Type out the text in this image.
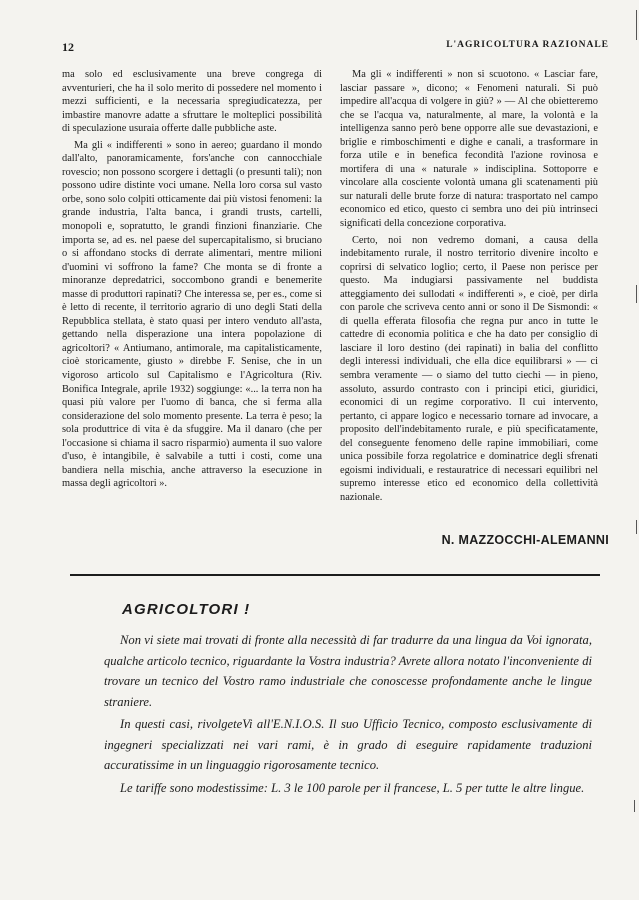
12	L'AGRICOLTURA RAZIONALE

ma solo ed esclusivamente una breve congrega di avventurieri, che ha il solo merito di possedere nel momento i mezzi sufficienti, e la necessaria spregiudicatezza, per imbastire manovre adatte a sfruttare le molteplici possibilità di speculazione usuraia offerte dalle pubbliche aste.

Ma gli « indifferenti » sono in aereo; guardano il mondo dall'alto, panoramicamente, fors'anche con cannocchiale rovescio; non possono scorgere i dettagli (o presunti tali); non possono udire distinte voci umane. Nella loro corsa sul vasto orbe, sono solo colpiti otticamente dai più vistosi fenomeni: la grande industria, l'alta banca, i grandi trusts, cartelli, monopoli e, sopratutto, le grandi finzioni finanziarie. Che importa se, ad es. nel paese del supercapitalismo, si bruciano o si affondano stocks di derrate alimentari, mentre milioni d'uomini vi soffrono la fame? Che monta se di fronte a minoranze depredatrici, soccombono grandi e benemerite masse di produttori rapinati? Che interessa se, per es., come si è letto di recente, il territorio agrario di uno degli Stati della Repubblica stellata, è stato quasi per intero venduto all'asta, gettando nella disperazione una intera popolazione di agricoltori? « Antiumano, antimorale, ma capitalisticamente, cioè storicamente, giusto » direbbe F. Senise, che in un vigoroso articolo sul Capitalismo e l'Agricoltura (Riv. Bonifica Integrale, aprile 1932) soggiunge: «... la terra non ha quasi più valore per l'uomo di banca, che si ferma alla considerazione del solo momento presente. La terra è peso; la sola produttrice di vita è da sfuggire. Ma il danaro (che per l'occasione si chiama il sacro risparmio) aumenta il suo valore d'uso, è intangibile, è salvabile a tutti i costi, come una bandiera nella mischia, anche attraverso la esecuzione in massa degli agricoltori ».

Ma gli « indifferenti » non si scuotono. « Lasciar fare, lasciar passare », dicono; « Fenomeni naturali. Si può impedire all'acqua di volgere in giù? » — Al che obietteremo che se l'acqua va, naturalmente, al mare, la volontà e la intelligenza sanno però bene opporre alle sue devastazioni, e briglie e rimboschimenti e dighe e canali, a trasformare in forza utile e in benefica fecondità l'azione rovinosa e mortifera di una « naturale » indisciplina. Sottoporre e vincolare alla cosciente volontà umana gli scatenamenti più sur naturali delle brute forze di natura: trasportato nel campo economico ed etico, questo ci sembra uno dei più intrinseci significati della concezione corporativa.

Certo, noi non vedremo domani, a causa della indebitamento rurale, il nostro territorio divenire incolto e coprirsi di selvatico loglio; certo, il Paese non perisce per questo. Ma indugiarsi passivamente nel buddista atteggiamento dei sullodati « indifferenti », e cioè, per dirla con parole che scriveva cento anni or sono il De Sismondi: « di quella efferata filosofia che regna pur anco in tutte le cattedre di economia politica e che ha dato per consiglio di lasciare il loro destino (dei rapinati) in balia del conflitto degli interessi individuali, che ella dice equilibrarsi » — ci sembra veramente — o siamo del tutto ciechi — in pieno, assoluto, assurdo contrasto con i principi etici, giuridici, economici di un regime corporativo. Il cui intervento, pertanto, ci appare logico e necessario tornare ad invocare, a proposito dell'indebitamento rurale, e più specificatamente, del conseguente fenomeno delle rapine immobiliari, come unica possibile forza regolatrice e dominatrice degli sfrenati egoismi individuali, e restauratrice di necessari equilibri nel supremo interesse etico ed economico della collettività nazionale.

N. MAZZOCCHI-ALEMANNI
AGRICOLTORI !

Non vi siete mai trovati di fronte alla necessità di far tradurre da una lingua da Voi ignorata, qualche articolo tecnico, riguardante la Vostra industria? Avrete allora notato l'inconveniente di trovare un tecnico del Vostro ramo industriale che conoscesse profondamente anche le lingue straniere.

In questi casi, rivolgeteVi all'E.N.I.O.S. Il suo Ufficio Tecnico, composto esclusivamente di ingegneri specializzati nei vari rami, è in grado di eseguire rapidamente traduzioni accuratissime in un linguaggio rigorosamente tecnico.

Le tariffe sono modestissime: L. 3 le 100 parole per il francese, L. 5 per tutte le altre lingue.
